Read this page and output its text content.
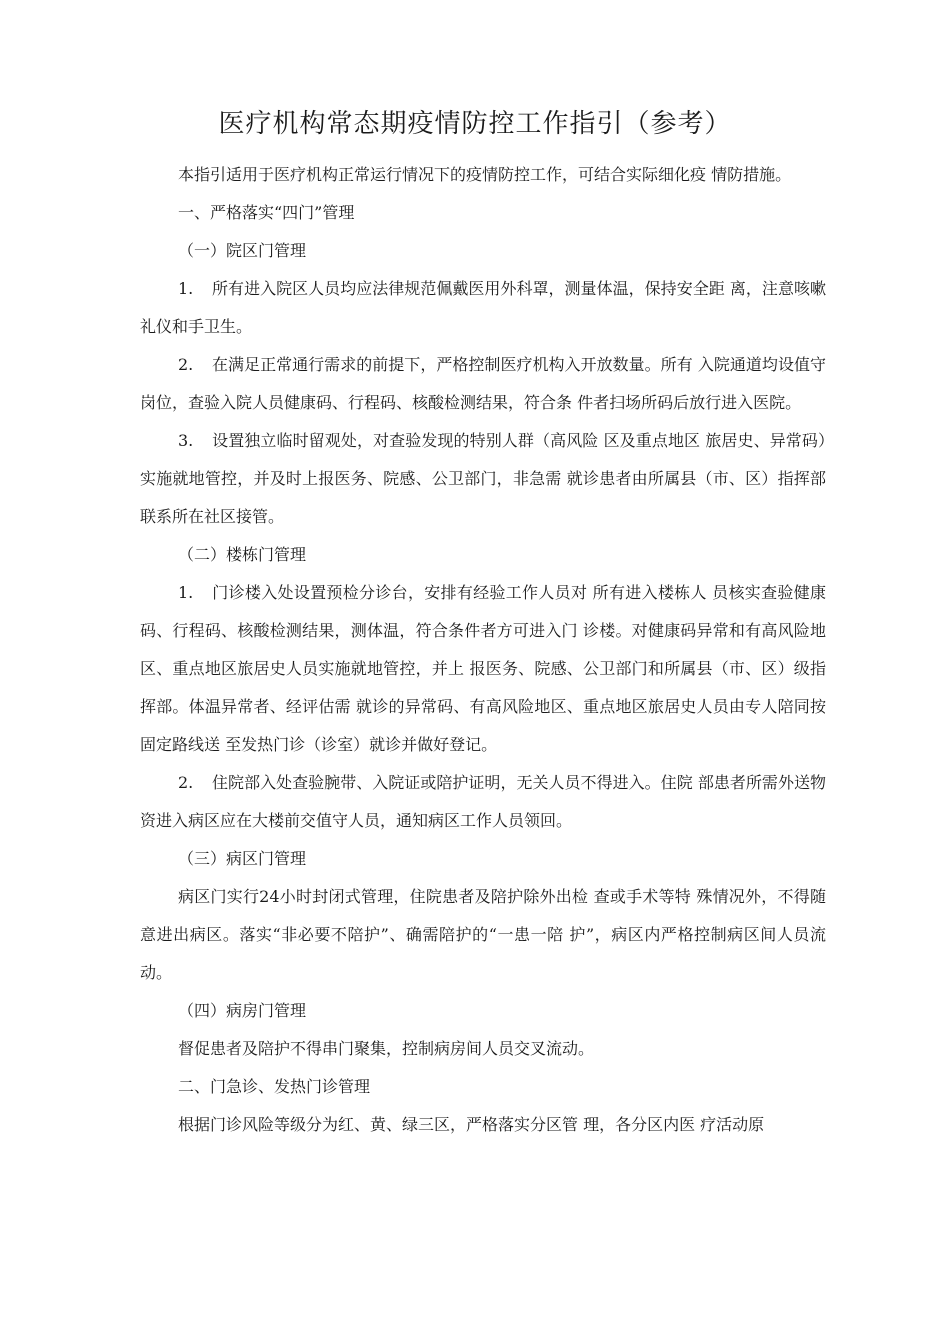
医疗机构常态期疫情防控工作指引（参考）

本指引适用于医疗机构正常运行情况下的疫情防控工作，可结合实际细化疫 情防措施。

一、严格落实“四门”管理

（一）院区门管理

1. 所有进入院区人员均应法律规范佩戴医用外科罩，测量体温，保持安全距 离，注意咳嗽礼仪和手卫生。

2. 在满足正常通行需求的前提下，严格控制医疗机构入开放数量。所有 入院通道均设值守岗位，查验入院人员健康码、行程码、核酸检测结果，符合条 件者扫场所码后放行进入医院。

3. 设置独立临时留观处，对查验发现的特别人群（高风险 区及重点地区 旅居史、异常码）实施就地管控，并及时上报医务、院感、公卫部门，非急需 就诊患者由所属县（市、区）指挥部联系所在社区接管。

（二）楼栋门管理

1. 门诊楼入处设置预检分诊台，安排有经验工作人员对 所有进入楼栋人 员核实查验健康码、行程码、核酸检测结果，测体温，符合条件者方可进入门 诊楼。对健康码异常和有高风险地区、重点地区旅居史人员实施就地管控，并上 报医务、院感、公卫部门和所属县（市、区）级指挥部。体温异常者、经评估需 就诊的异常码、有高风险地区、重点地区旅居史人员由专人陪同按固定路线送 至发热门诊（诊室）就诊并做好登记。

2. 住院部入处查验腕带、入院证或陪护证明，无关人员不得进入。住院 部患者所需外送物资进入病区应在大楼前交值守人员，通知病区工作人员领回。

（三）病区门管理

病区门实行24小时封闭式管理，住院患者及陪护除外出检 查或手术等特 殊情况外，不得随意进出病区。落实“非必要不陪护”、确需陪护的“一患一陪 护”，病区内严格控制病区间人员流动。

（四）病房门管理

督促患者及陪护不得串门聚集，控制病房间人员交叉流动。

二、门急诊、发热门诊管理

根据门诊风险等级分为红、黄、绿三区，严格落实分区管 理，各分区内医 疗活动原
